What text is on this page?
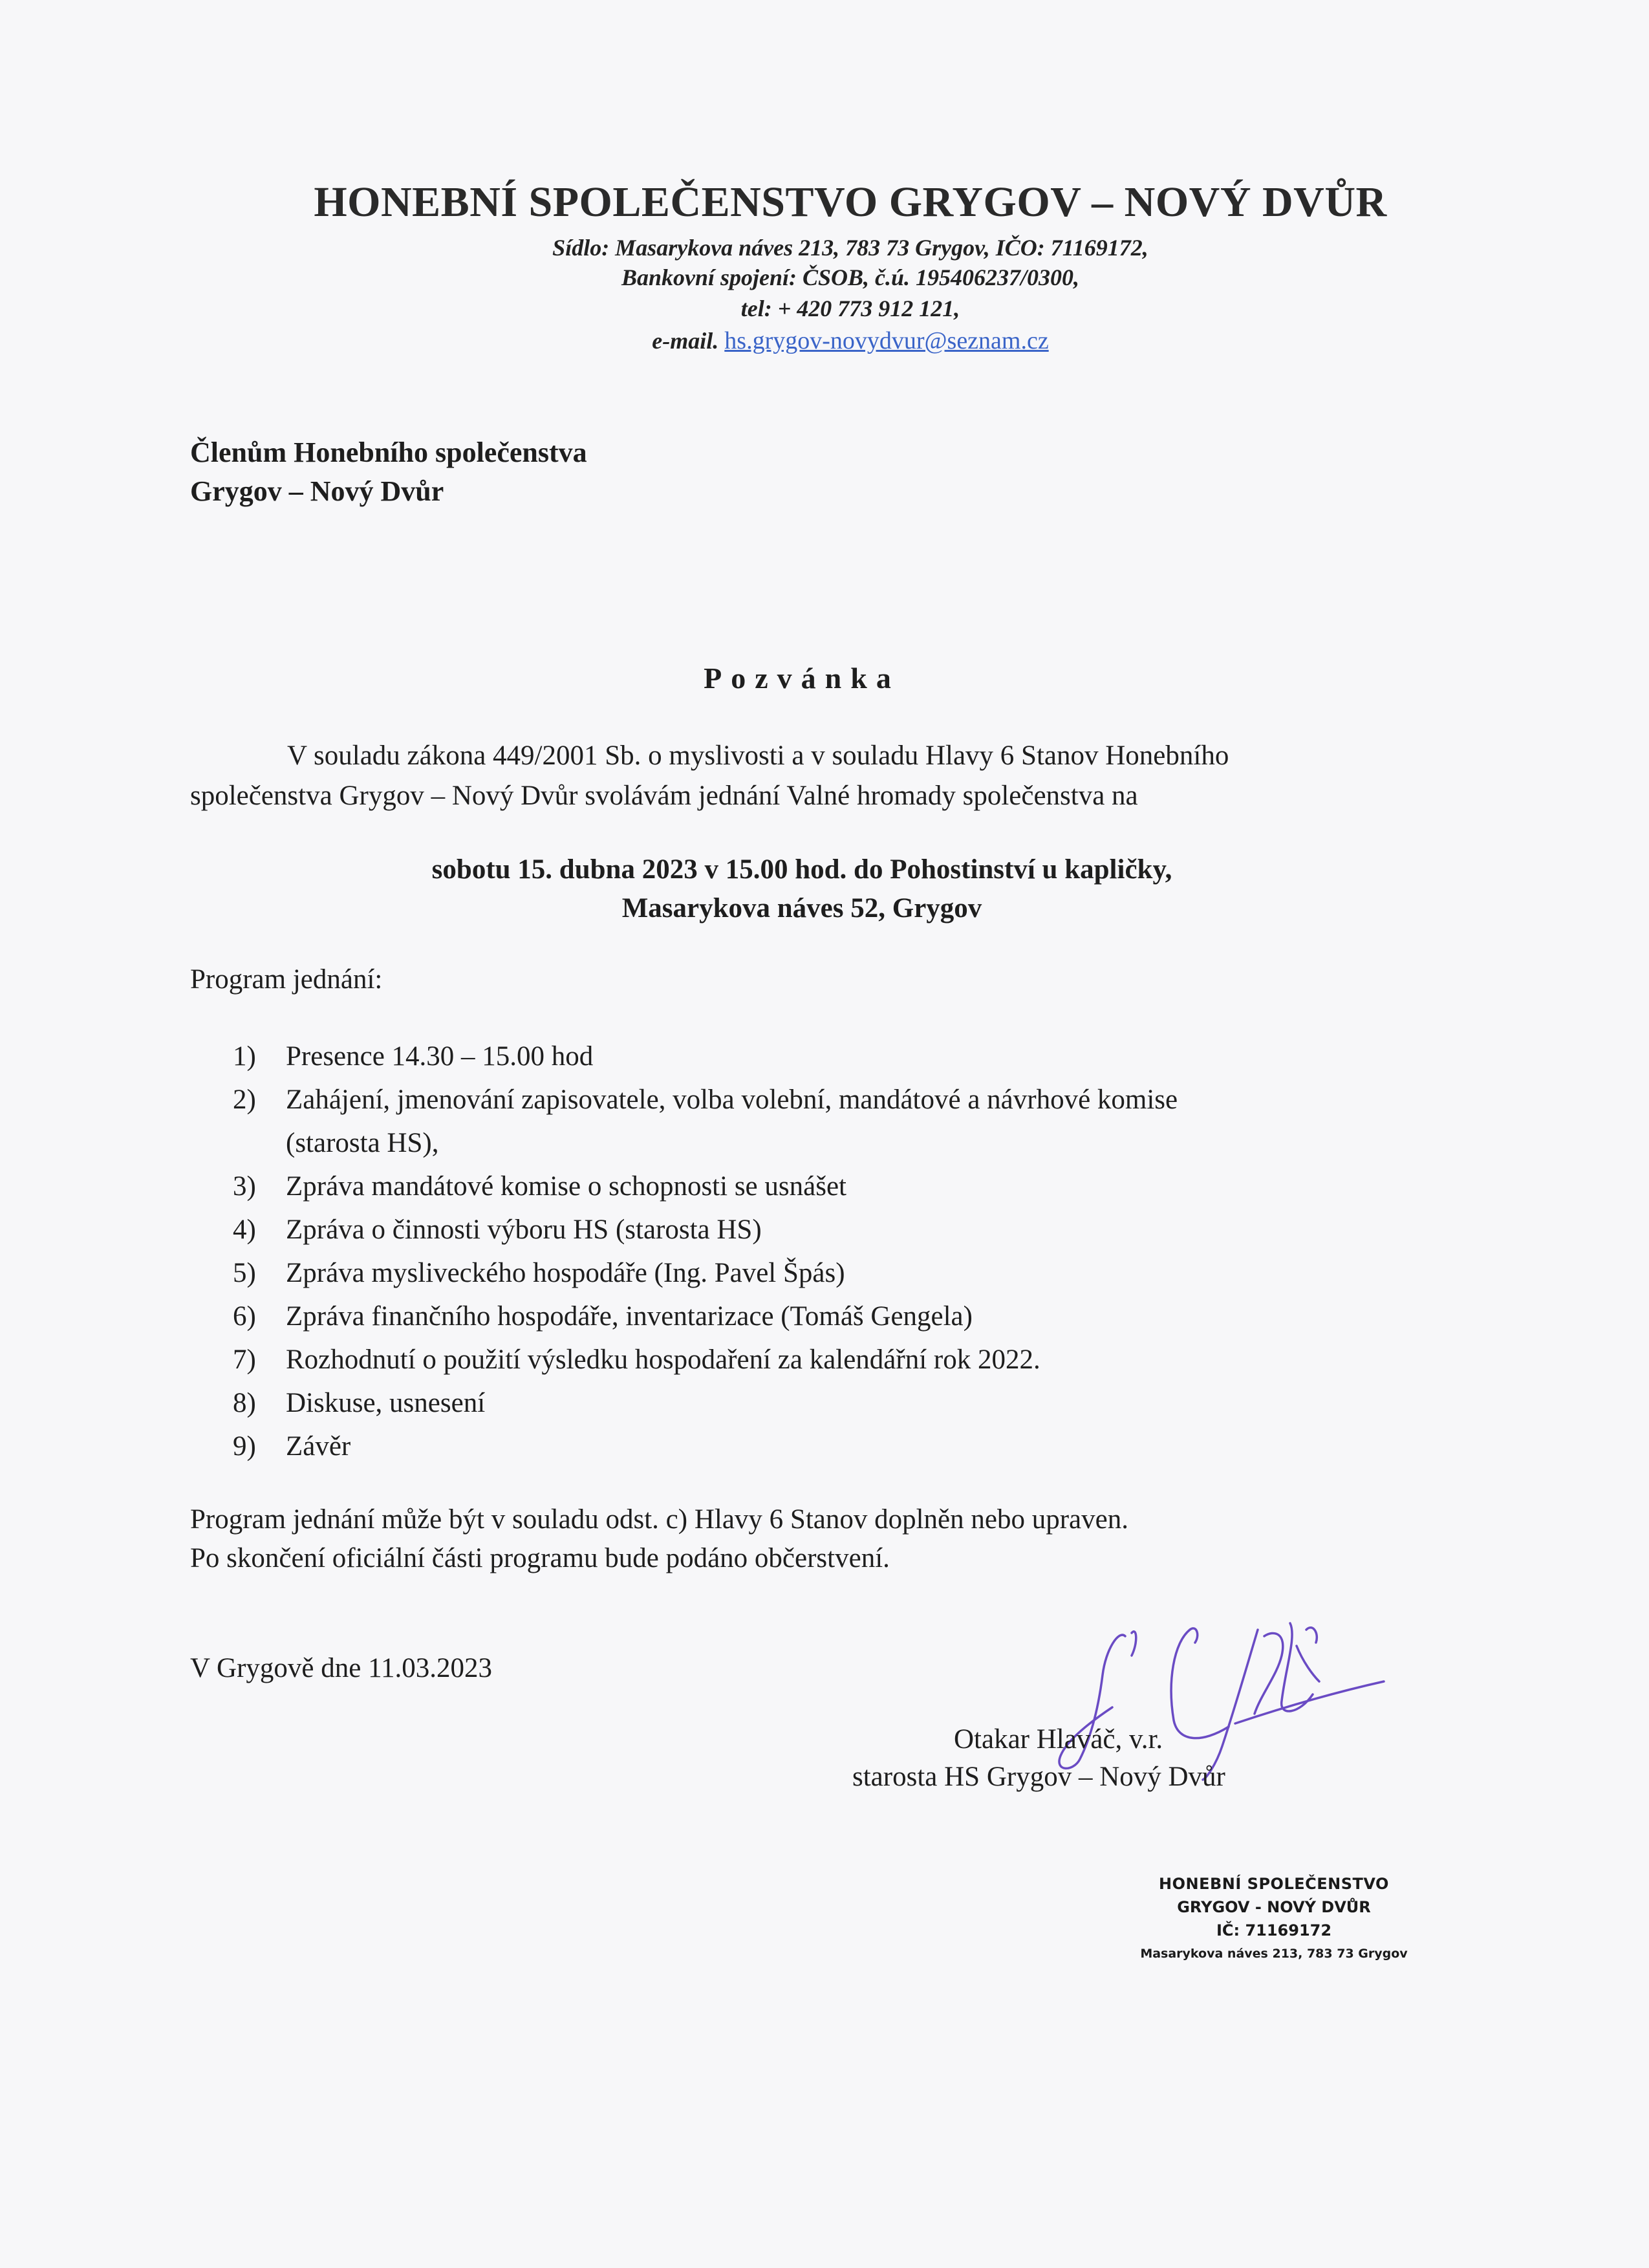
HONEBNÍ SPOLEČENSTVO GRYGOV – NOVÝ DVŮR
Sídlo: Masarykova náves 213, 783 73 Grygov, IČO: 71169172,
Bankovní spojení: ČSOB, č.ú. 195406237/0300,
tel: + 420 773 912 121,
e-mail. hs.grygov-novydvur@seznam.cz
Členům Honebního společenstva
Grygov – Nový Dvůr
Pozvánka
V souladu zákona 449/2001 Sb. o myslivosti a v souladu Hlavy 6 Stanov Honebního
společenstva Grygov – Nový Dvůr svolávám jednání Valné hromady společenstva na
sobotu 15. dubna 2023 v 15.00 hod. do Pohostinství u kapličky,
Masarykova náves 52, Grygov
Program jednání:
1) Presence 14.30 – 15.00 hod
2) Zahájení, jmenování zapisovatele, volba volební, mandátové a návrhové komise
(starosta HS),
3) Zpráva mandátové komise o schopnosti se usnášet
4) Zpráva o činnosti výboru HS (starosta HS)
5) Zpráva mysliveckého hospodáře (Ing. Pavel Špás)
6) Zpráva finančního hospodáře, inventarizace (Tomáš Gengela)
7) Rozhodnutí o použití výsledku hospodaření za kalendářní rok 2022.
8) Diskuse, usnesení
9) Závěr
Program jednání může být v souladu odst. c) Hlavy 6 Stanov doplněn nebo upraven.
Po skončení oficiální části programu bude podáno občerstvení.
V Grygově dne 11.03.2023
Otakar Hlaváč, v.r.
starosta HS Grygov – Nový Dvůr
HONEBNÍ SPOLEČENSTVO
GRYGOV - NOVÝ DVŮR
IČ: 71169172
Masarykova náves 213, 783 73 Grygov
